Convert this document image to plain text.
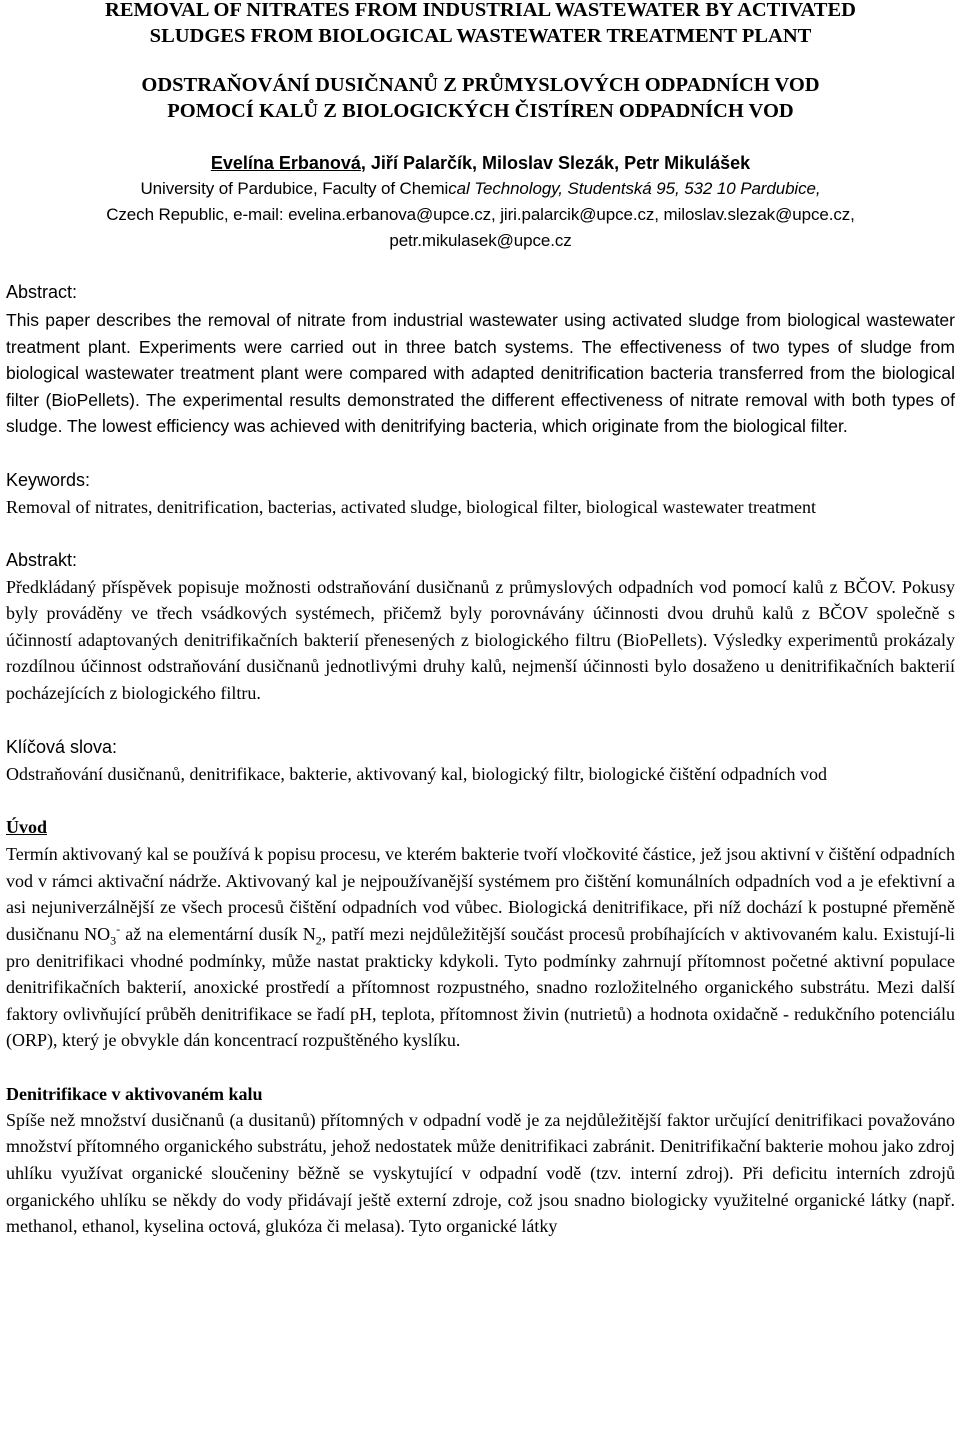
REMOVAL OF NITRATES FROM INDUSTRIAL WASTEWATER BY ACTIVATED
SLUDGES FROM BIOLOGICAL WASTEWATER TREATMENT PLANT
ODSTRAŇOVÁNÍ DUSIČNANŮ Z PRŮMYSLOVÝCH ODPADNÍCH VOD
POMOCÍ KALŮ Z BIOLOGICKÝCH ČISTÍREN ODPADNÍCH VOD

Evelína Erbanová, Jiří Palarčík, Miloslav Slezák, Petr Mikulášek

University of Pardubice, Faculty of Chemical Technology, Studentská 95, 532 10 Pardubice,

Czech Republic, e-mail: evelina.erbanova@upce.cz, jiri.palarcik@upce.cz, miloslav.slezak@upce.cz,

petr.mikulasek@upce.cz

Abstract:

This paper describes the removal of nitrate from industrial wastewater using activated sludge from biological wastewater treatment plant. Experiments were carried out in three batch systems. The effectiveness of two types of sludge from biological wastewater treatment plant were compared with adapted denitrification bacteria transferred from the biological filter (BioPellets). The experimental results demonstrated the different effectiveness of nitrate removal with both types of sludge. The lowest efficiency was achieved with denitrifying bacteria, which originate from the biological filter.

Keywords:

Removal of nitrates, denitrification, bacterias, activated sludge, biological filter, biological wastewater treatment

Abstrakt:

Předkládaný příspěvek popisuje možnosti odstraňování dusičnanů z průmyslových odpadních vod pomocí kalů z BČOV. Pokusy byly prováděny ve třech vsádkových systémech, přičemž byly porovnávány účinnosti dvou druhů kalů z BČOV společně s účinností adaptovaných denitrifikačních bakterií přenesených z biologického filtru (BioPellets). Výsledky experimentů prokázaly rozdílnou účinnost odstraňování dusičnanů jednotlivými druhy kalů, nejmenší účinnosti bylo dosaženo u denitrifikačních bakterií pocházejících z biologického filtru.

Klíčová slova:

Odstraňování dusičnanů, denitrifikace, bakterie, aktivovaný kal, biologický filtr, biologické čištění odpadních vod

Úvod

Termín aktivovaný kal se používá k popisu procesu, ve kterém bakterie tvoří vločkovité částice, jež jsou aktivní v čištění odpadních vod v rámci aktivační nádrže. Aktivovaný kal je nejpoužívanější systémem pro čištění komunálních odpadních vod a je efektivní a asi nejuniverzálnější ze všech procesů čištění odpadních vod vůbec. Biologická denitrifikace, při níž dochází k postupné přeměně dusičnanu $NO_3^-$ až na elementární dusík $N_2$, patří mezi nejdůležitější součást procesů probíhajících v aktivovaném kalu. Existují-li pro denitrifikaci vhodné podmínky, může nastat prakticky kdykoli. Tyto podmínky zahrnují přítomnost početné aktivní populace denitrifikačních bakterií, anoxické prostředí a přítomnost rozpustného, snadno rozložitelného organického substrátu. Mezi další faktory ovlivňující průběh denitrifikace se řadí pH, teplota, přítomnost živin (nutrietů) a hodnota oxidačně - redukčního potenciálu (ORP), který je obvykle dán koncentrací rozpuštěného kyslíku.

Denitrifikace v aktivovaném kalu

Spíše než množství dusičnanů (a dusitanů) přítomných v odpadní vodě je za nejdůležitější faktor určující denitrifikaci považováno množství přítomného organického substrátu, jehož nedostatek může denitrifikaci zabránit. Denitrifikační bakterie mohou jako zdroj uhlíku využívat organické sloučeniny běžně se vyskytující v odpadní vodě (tzv. interní zdroj). Při deficitu interních zdrojů organického uhlíku se někdy do vody přidávají ještě externí zdroje, což jsou snadno biologicky využitelné organické látky (např. methanol, ethanol, kyselina octová, glukóza či melasa). Tyto organické látky
